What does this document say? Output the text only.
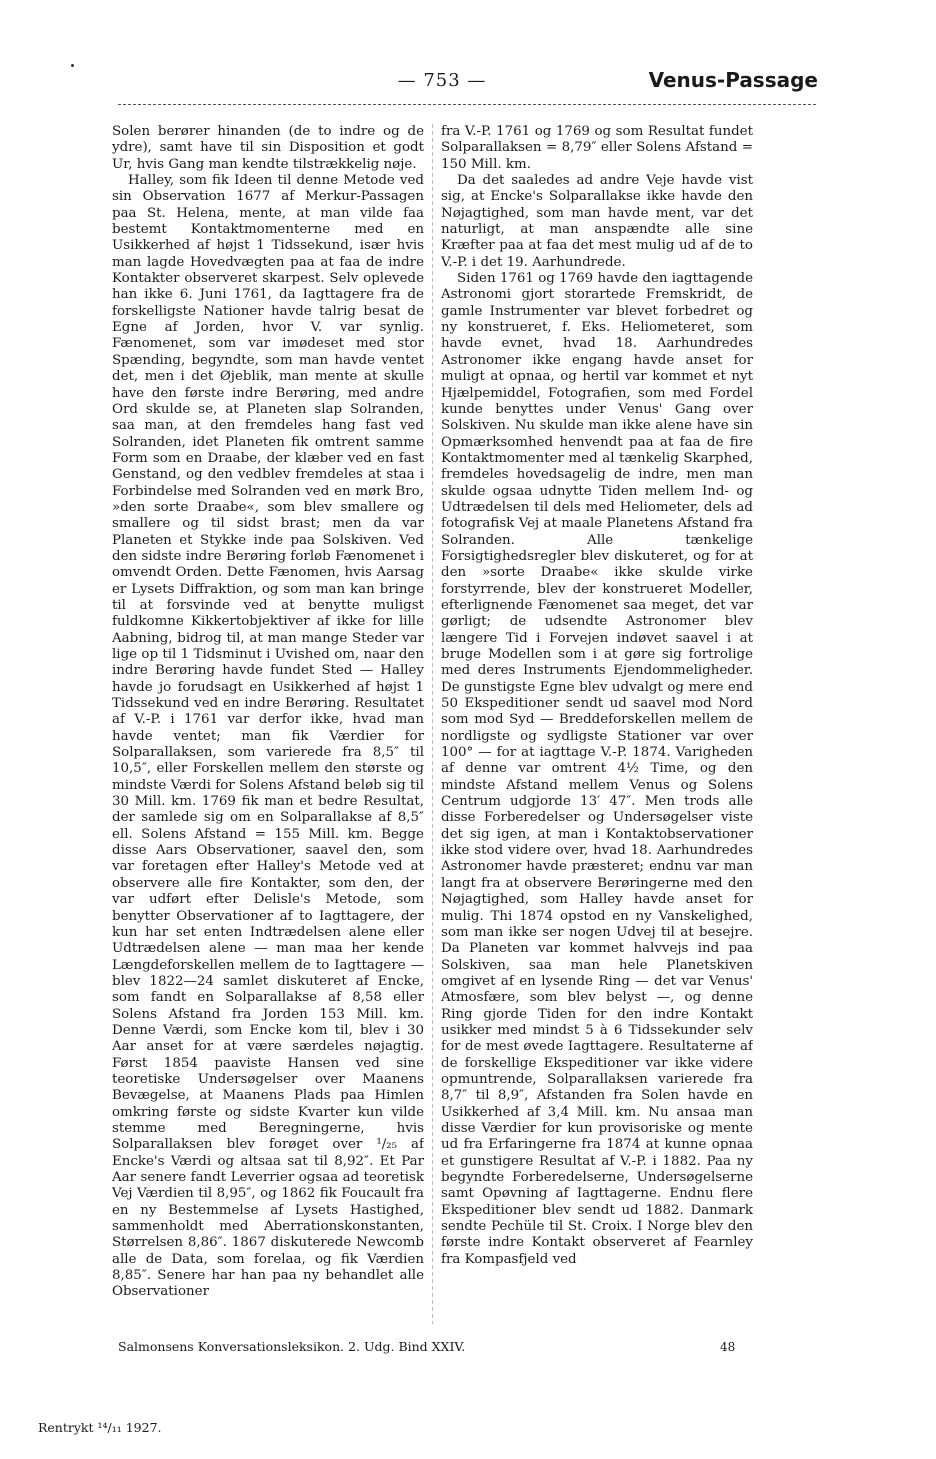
— 753 —	Venus-Passage

Solen berører hinanden (de to indre og de ydre), samt have til sin Disposition et godt Ur, hvis Gang man kendte tilstrækkelig nøje.

Halley, som fik Ideen til denne Metode ved sin Observation 1677 af Merkur-Passagen paa St. Helena, mente, at man vilde faa bestemt Kontaktmomenterne med en Usikkerhed af højst 1 Tidssekund, især hvis man lagde Hovedvægten paa at faa de indre Kontakter observeret skarpest. Selv oplevede han ikke 6. Juni 1761, da Iagttagere fra de forskelligste Nationer havde talrig besat de Egne af Jorden, hvor V. var synlig. Fænomenet, som var imødeset med stor Spænding, begyndte, som man havde ventet det, men i det Øjeblik, man mente at skulle have den første indre Berøring, med andre Ord skulde se, at Planeten slap Solranden, saa man, at den fremdeles hang fast ved Solranden, idet Planeten fik omtrent samme Form som en Draabe, der klæber ved en fast Genstand, og den vedblev fremdeles at staa i Forbindelse med Solranden ved en mørk Bro, »den sorte Draabe«, som blev smallere og smallere og til sidst brast; men da var Planeten et Stykke inde paa Solskiven. Ved den sidste indre Berøring forløb Fænomenet i omvendt Orden. Dette Fænomen, hvis Aarsag er Lysets Diffraktion, og som man kan bringe til at forsvinde ved at benytte muligst fuldkomne Kikkertobjektiver af ikke for lille Aabning, bidrog til, at man mange Steder var lige op til 1 Tidsminut i Uvished om, naar den indre Berøring havde fundet Sted — Halley havde jo forudsagt en Usikkerhed af højst 1 Tidssekund ved en indre Berøring. Resultatet af V.-P. i 1761 var derfor ikke, hvad man havde ventet; man fik Værdier for Solparallaksen, som varierede fra 8,5″ til 10,5″, eller Forskellen mellem den største og mindste Værdi for Solens Afstand beløb sig til 30 Mill. km. 1769 fik man et bedre Resultat, der samlede sig om en Solparallakse af 8,5″ ell. Solens Afstand = 155 Mill. km. Begge disse Aars Observationer, saavel den, som var foretagen efter Halley's Metode ved at observere alle fire Kontakter, som den, der var udført efter Delisle's Metode, som benytter Observationer af to Iagttagere, der kun har set enten Indtrædelsen alene eller Udtrædelsen alene — man maa her kende Længdeforskellen mellem de to Iagttagere — blev 1822—24 samlet diskuteret af Encke, som fandt en Solparallakse af 8,58 eller Solens Afstand fra Jorden 153 Mill. km. Denne Værdi, som Encke kom til, blev i 30 Aar anset for at være særdeles nøjagtig. Først 1854 paaviste Hansen ved sine teoretiske Undersøgelser over Maanens Bevægelse, at Maanens Plads paa Himlen omkring første og sidste Kvarter kun vilde stemme med Beregningerne, hvis Solparallaksen blev forøget over ¹/₂₅ af Encke's Værdi og altsaa sat til 8,92″. Et Par Aar senere fandt Leverrier ogsaa ad teoretisk Vej Værdien til 8,95″, og 1862 fik Foucault fra en ny Bestemmelse af Lysets Hastighed, sammenholdt med Aberrationskonstanten, Størrelsen 8,86″. 1867 diskuterede Newcomb alle de Data, som forelaa, og fik Værdien 8,85″. Senere har han paa ny behandlet alle Observationer

fra V.-P. 1761 og 1769 og som Resultat fundet Solparallaksen = 8,79″ eller Solens Afstand = 150 Mill. km.

Da det saaledes ad andre Veje havde vist sig, at Encke's Solparallakse ikke havde den Nøjagtighed, som man havde ment, var det naturligt, at man anspændte alle sine Kræfter paa at faa det mest mulig ud af de to V.-P. i det 19. Aarhundrede.

Siden 1761 og 1769 havde den iagttagende Astronomi gjort storartede Fremskridt, de gamle Instrumenter var blevet forbedret og ny konstrueret, f. Eks. Heliometeret, som havde evnet, hvad 18. Aarhundredes Astronomer ikke engang havde anset for muligt at opnaa, og hertil var kommet et nyt Hjælpemiddel, Fotografien, som med Fordel kunde benyttes under Venus' Gang over Solskiven. Nu skulde man ikke alene have sin Opmærksomhed henvendt paa at faa de fire Kontaktmomenter med al tænkelig Skarphed, fremdeles hovedsagelig de indre, men man skulde ogsaa udnytte Tiden mellem Ind- og Udtrædelsen til dels med Heliometer, dels ad fotografisk Vej at maale Planetens Afstand fra Solranden. Alle tænkelige Forsigtighedsregler blev diskuteret, og for at den »sorte Draabe« ikke skulde virke forstyrrende, blev der konstrueret Modeller, efterlignende Fænomenet saa meget, det var gørligt; de udsendte Astronomer blev længere Tid i Forvejen indøvet saavel i at bruge Modellen som i at gøre sig fortrolige med deres Instruments Ejendommeligheder. De gunstigste Egne blev udvalgt og mere end 50 Ekspeditioner sendt ud saavel mod Nord som mod Syd — Breddeforskellen mellem de nordligste og sydligste Stationer var over 100° — for at iagttage V.-P. 1874. Varigheden af denne var omtrent 4½ Time, og den mindste Afstand mellem Venus og Solens Centrum udgjorde 13′ 47″. Men trods alle disse Forberedelser og Undersøgelser viste det sig igen, at man i Kontaktobservationer ikke stod videre over, hvad 18. Aarhundredes Astronomer havde præsteret; endnu var man langt fra at observere Berøringerne med den Nøjagtighed, som Halley havde anset for mulig. Thi 1874 opstod en ny Vanskelighed, som man ikke ser nogen Udvej til at besejre. Da Planeten var kommet halvvejs ind paa Solskiven, saa man hele Planetskiven omgivet af en lysende Ring — det var Venus' Atmosfære, som blev belyst —, og denne Ring gjorde Tiden for den indre Kontakt usikker med mindst 5 à 6 Tidssekunder selv for de mest øvede Iagttagere. Resultaterne af de forskellige Ekspeditioner var ikke videre opmuntrende, Solparallaksen varierede fra 8,7″ til 8,9″, Afstanden fra Solen havde en Usikkerhed af 3,4 Mill. km. Nu ansaa man disse Værdier for kun provisoriske og mente ud fra Erfaringerne fra 1874 at kunne opnaa et gunstigere Resultat af V.-P. i 1882. Paa ny begyndte Forberedelserne, Undersøgelserne samt Opøvning af Iagttagerne. Endnu flere Ekspeditioner blev sendt ud 1882. Danmark sendte Pechüle til St. Croix. I Norge blev den første indre Kontakt observeret af Fearnley fra Kompasfjeld ved

Salmonsens Konversationsleksikon. 2. Udg. Bind XXIV.	48
Rentrykt ¹⁴/₁₁ 1927.
